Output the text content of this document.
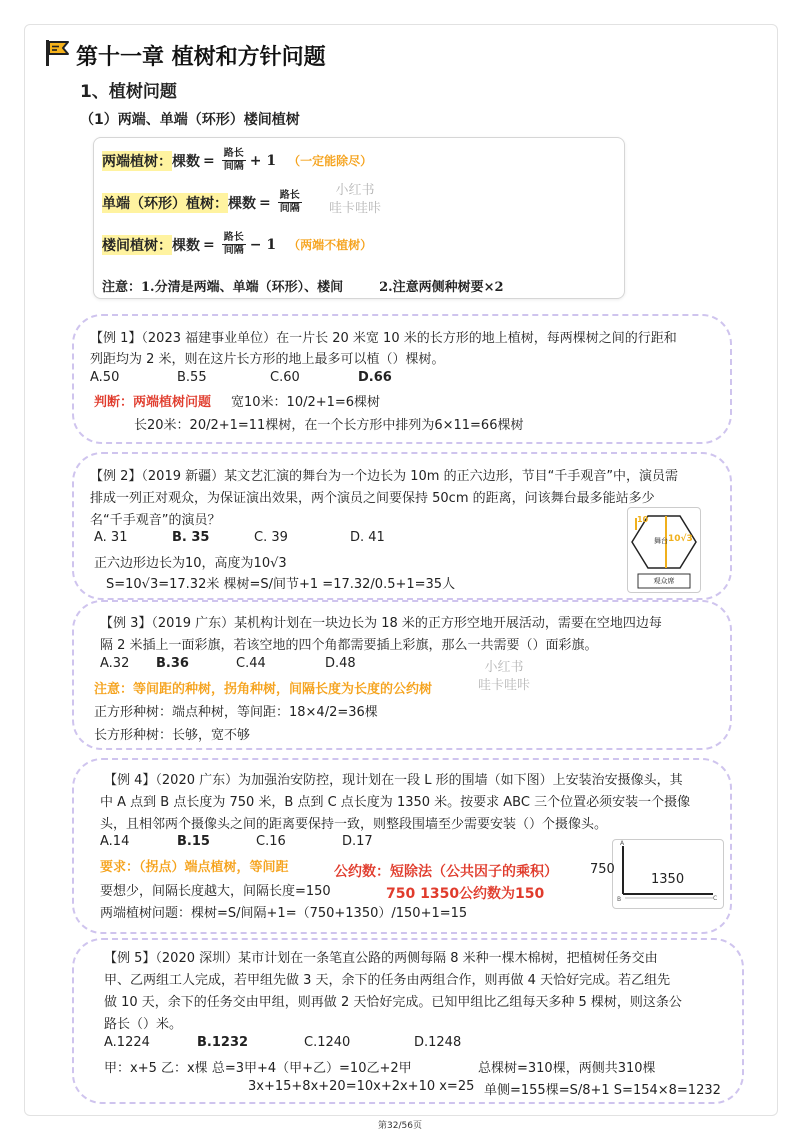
第十一章 植树和方针问题
1、植树问题
（1）两端、单端（环形）楼间植树
两端植树： 棵数 = $\frac{\text{路长}}{\text{间隔}} + 1$ （一定能除尽）
单端（环形）植树： 棵数 = $\frac{\text{路长}}{\text{间隔}}$	小红书
哇卡哇咔
楼间植树： 棵数 = $\frac{\text{路长}}{\text{间隔}} - 1$ （两端不植树）
注意：1.分清是两端、单端（环形）、楼间	2.注意两侧种树要×2
【例 1】（2023 福建事业单位）在一片长 20 米宽 10 米的长方形的地上植树，每两棵树之间的行距和
列距均为 2 米，则在这片长方形的地上最多可以植（）棵树。
A.50	B.55	C.60	D.66
判断：两端植树问题 宽10米：10/2+1=6棵树
长20米：20/2+1=11棵树，在一个长方形中排列为6×11=66棵树
【例 2】（2019 新疆）某文艺汇演的舞台为一个边长为 10m 的正六边形，节目“千手观音”中，演员需
排成一列正对观众，为保证演出效果，两个演员之间要保持 50cm 的距离，问该舞台最多能站多少
名“千手观音”的演员？
A. 31	B. 35	C. 39	D. 41
正六边形边长为10，高度为10√3
S=10√3=17.32米 棵树=S/间节+1 =17.32/0.5+1=35人
10
舞台 10√3
观众席
【例 3】（2019 广东）某机构计划在一块边长为 18 米的正方形空地开展活动，需要在空地四边每
隔 2 米插上一面彩旗，若该空地的四个角都需要插上彩旗，那么一共需要（）面彩旗。
A.32 B.36	C.44	D.48	小红书
哇卡哇咔
注意：等间距的种树，拐角种树，间隔长度为长度的公约树
正方形种树：端点种树，等间距：18×4/2=36棵
长方形种树：长够，宽不够
【例 4】（2020 广东）为加强治安防控，现计划在一段 L 形的围墙（如下图）上安装治安摄像头，其
中 A 点到 B 点长度为 750 米，B 点到 C 点长度为 1350 米。按要求 ABC 三个位置必须安装一个摄像
头，且相邻两个摄像头之间的距离要保持一致，则整段围墙至少需要安装（）个摄像头。
A.14	B.15	C.16	D.17
要求：（拐点）端点植树，等间距	公约数：短除法（公共因子的乘积）
要想少，间隔长度越大，间隔长度=150	750 1350公约数为150
两端植树问题：棵树=S/间隔+1=（750+1350）/150+1=15
A
B	C
1350
750
【例 5】（2020 深圳）某市计划在一条笔直公路的两侧每隔 8 米种一棵木棉树，把植树任务交由
甲、乙两组工人完成，若甲组先做 3 天，余下的任务由两组合作，则再做 4 天恰好完成。若乙组先
做 10 天，余下的任务交由甲组，则再做 2 天恰好完成。已知甲组比乙组每天多种 5 棵树，则这条公
路长（）米。
A.1224	B.1232	C.1240	D.1248
甲：x+5 乙：x棵 总=3甲+4（甲+乙）=10乙+2甲	总棵树=310棵，两侧共310棵
3x+15+8x+20=10x+2x+10 x=25 单侧=155棵=S/8+1 S=154×8=1232
第32/56页
